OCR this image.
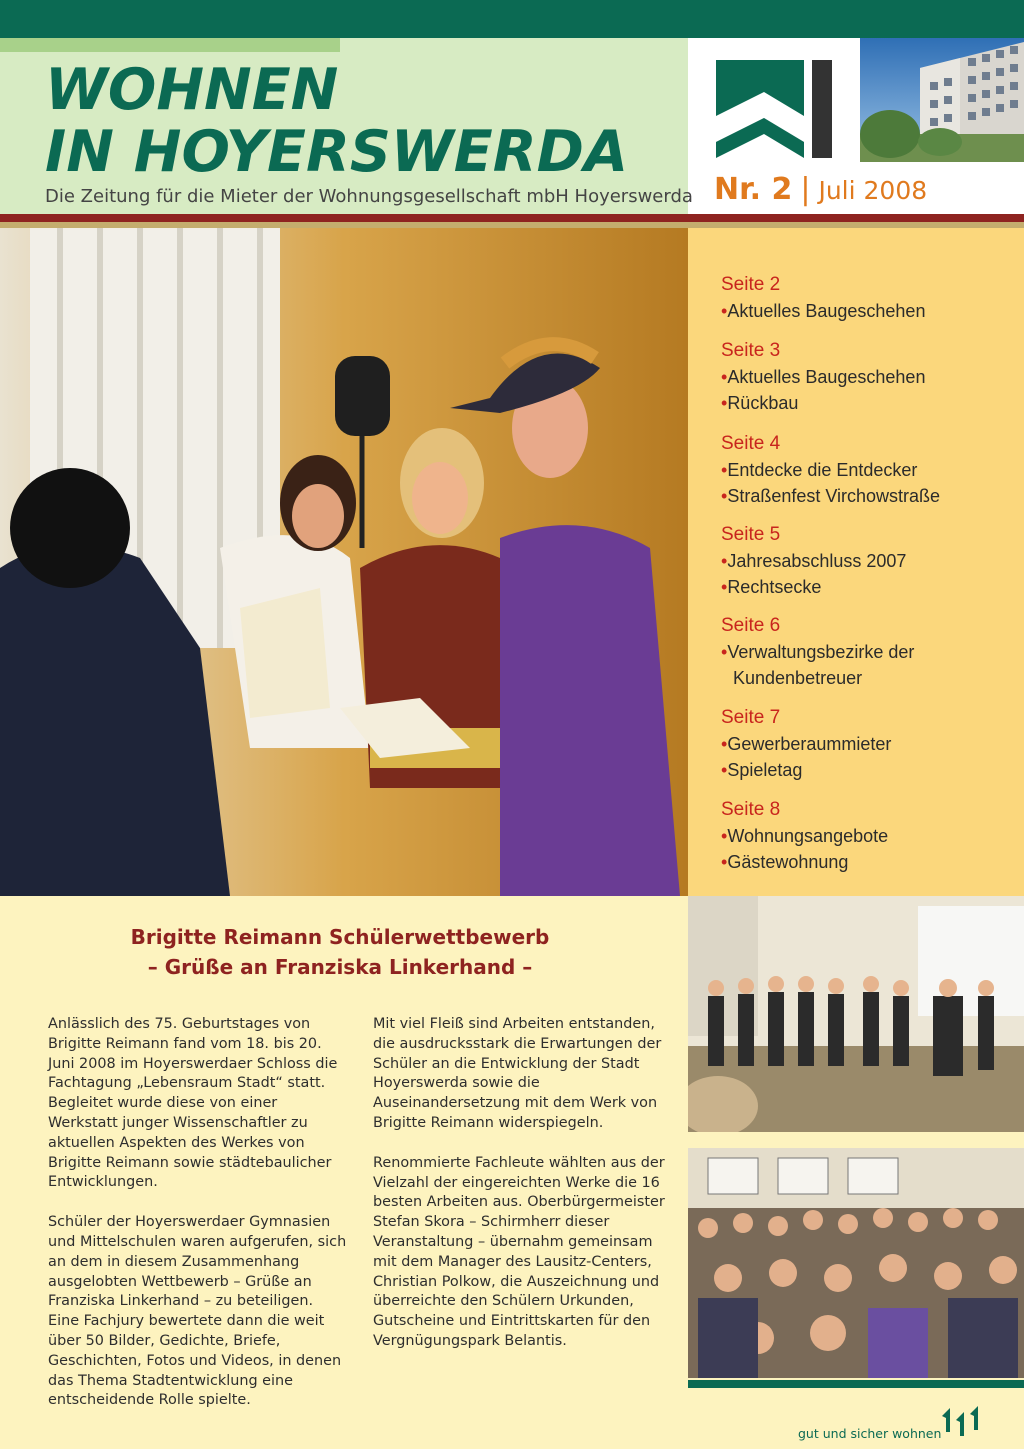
WOHNEN
IN HOYERSWERDA
Die Zeitung für die Mieter der Wohnungsgesellschaft mbH Hoyerswerda Nr. 2 | Juli 2008
Seite 2
•Aktuelles Baugeschehen
Seite 3
•Aktuelles Baugeschehen
•Rückbau
Seite 4
•Entdecke die Entdecker
•Straßenfest Virchowstraße
Seite 5
•Jahresabschluss 2007
•Rechtsecke
Seite 6
•Verwaltungsbezirke der
Kundenbetreuer
Seite 7
•Gewerberaummieter
•Spieletag
Seite 8
•Wohnungsangebote
•Gästewohnung
Brigitte Reimann Schülerwettbewerb
– Grüße an Franziska Linkerhand –

Anlässlich des 75. Geburtstages von Brigitte Reimann fand vom 18. bis 20. Juni 2008 im Hoyerswerdaer Schloss die Fachtagung „Lebensraum Stadt“ statt. Begleitet wurde diese von einer Werkstatt junger Wissenschaftler zu aktuellen Aspekten des Werkes von Brigitte Reimann sowie städtebaulicher Entwicklungen.

Schüler der Hoyerswerdaer Gymnasien und Mittelschulen waren aufgerufen, sich an dem in diesem Zusammenhang ausgelobten Wettbewerb – Grüße an Franziska Linkerhand – zu beteiligen. Eine Fachjury bewertete dann die weit über 50 Bilder, Gedichte, Briefe, Geschichten, Fotos und Videos, in denen das Thema Stadtentwicklung eine entscheidende Rolle spielte.

Mit viel Fleiß sind Arbeiten entstanden, die ausdrucksstark die Erwartungen der Schüler an die Entwicklung der Stadt Hoyerswerda sowie die Auseinandersetzung mit dem Werk von Brigitte Reimann widerspiegeln.

Renommierte Fachleute wählten aus der Vielzahl der eingereichten Werke die 16 besten Arbeiten aus. Oberbürgermeister Stefan Skora – Schirmherr dieser Veranstaltung – übernahm gemeinsam mit dem Manager des Lausitz-Centers, Christian Polkow, die Auszeichnung und überreichte den Schülern Urkunden, Gutscheine und Eintrittskarten für den Vergnügungspark Belantis.

gut und sicher wohnen
